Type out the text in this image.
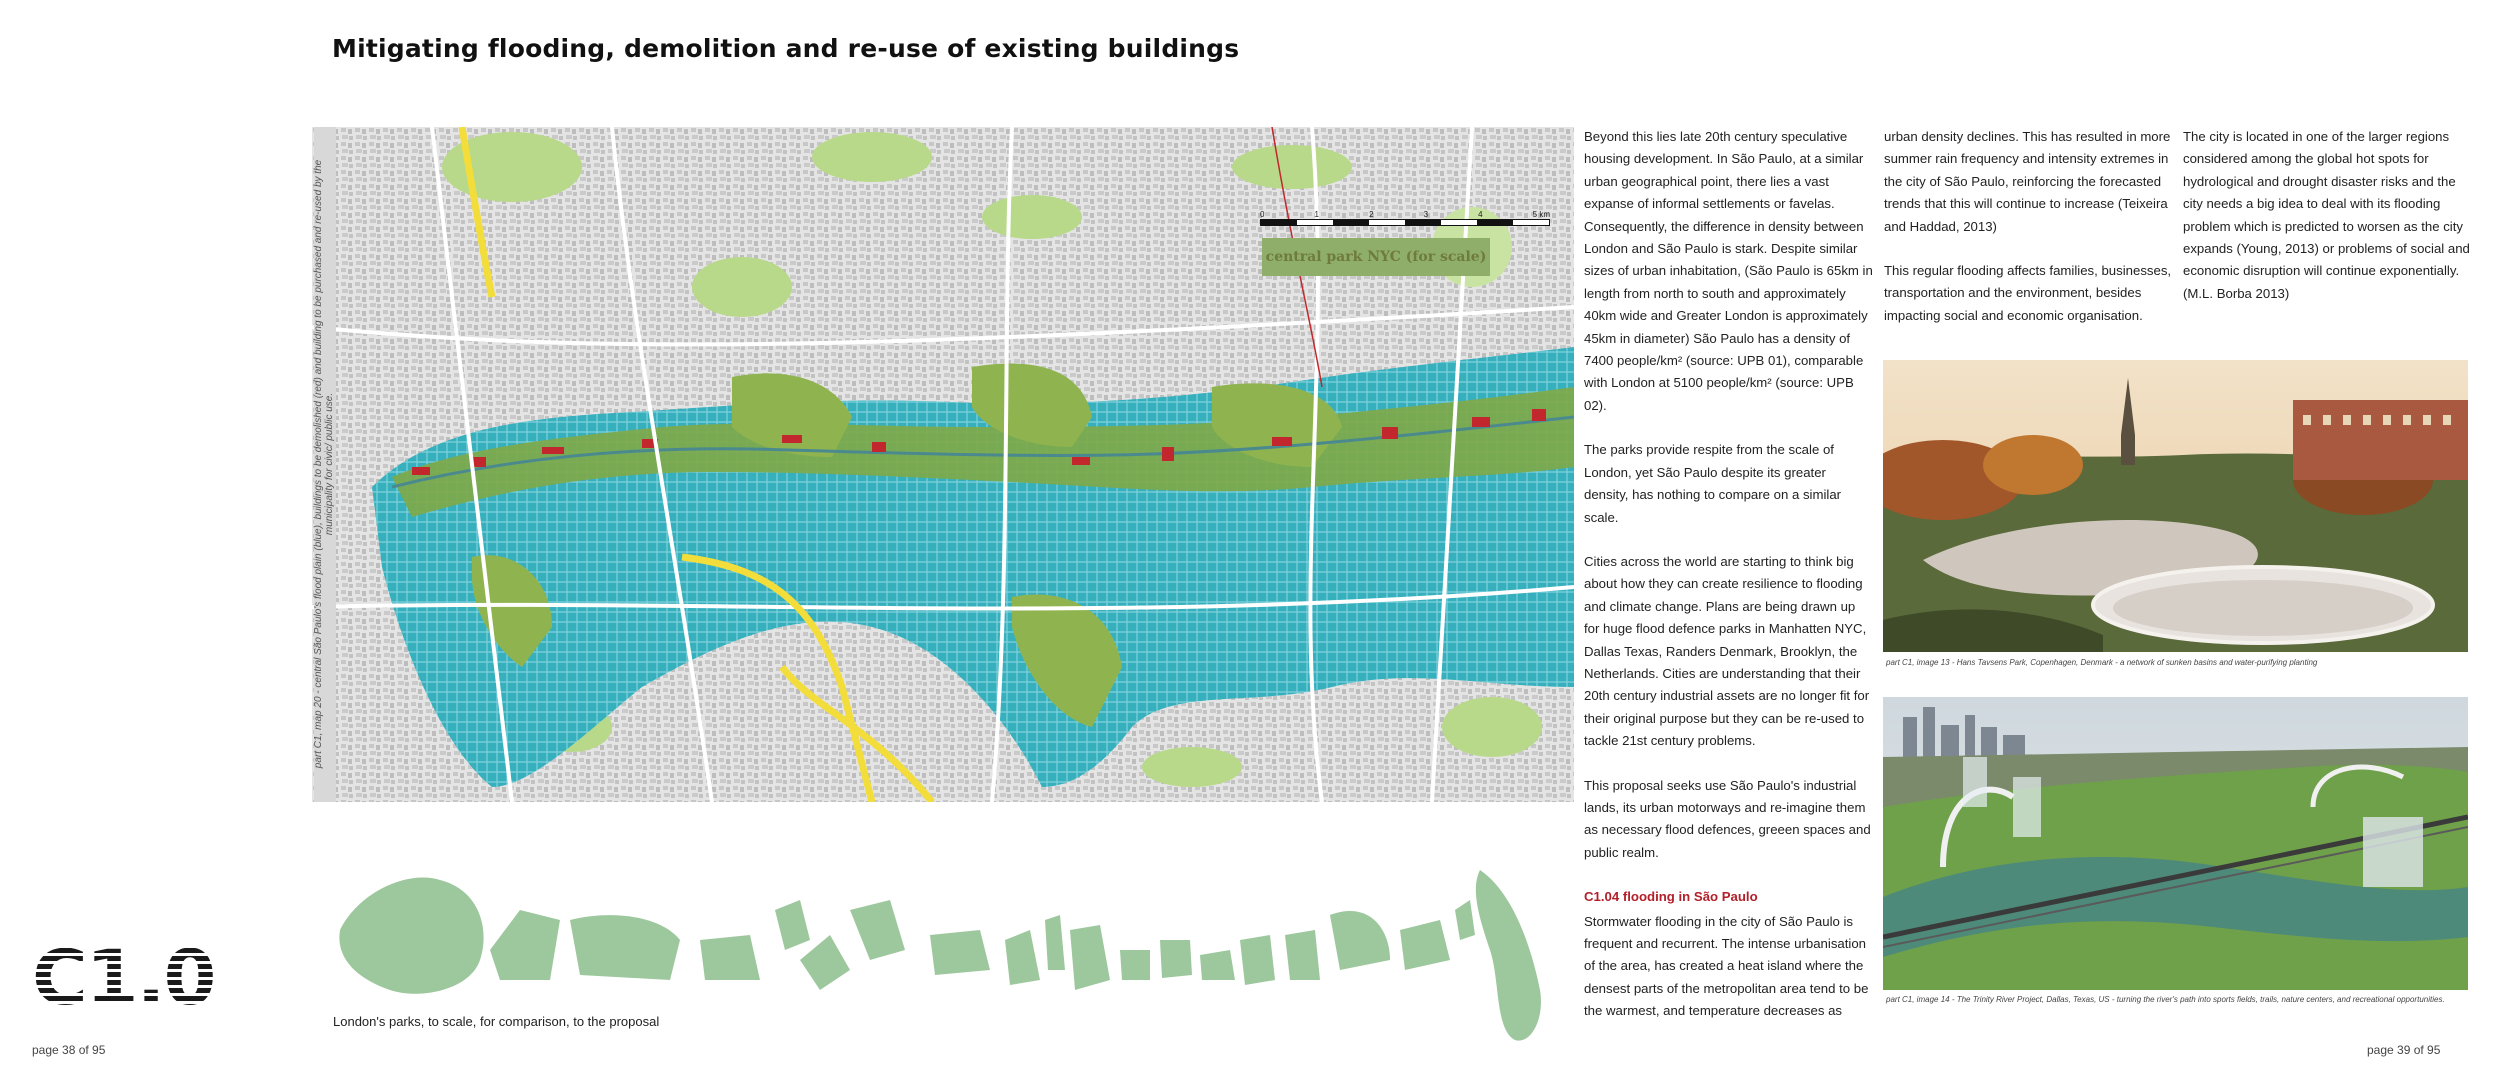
Mitigating flooding, demolition and re-use of existing buildings
part C1, map 20 - central São Paulo's flood plain (blue), buildings to be demolished (red) and building to be purchased and re-used by the municipality for civic/ public use.
0	1	2	3	4	5 km
central park NYC (for scale)
London's parks, to scale, for comparison, to the proposal

Beyond this lies late 20th century speculative housing development. In São Paulo, at a similar urban geographical point, there lies a vast expanse of informal settlements or favelas. Consequently, the difference in density between London and São Paulo is stark. Despite similar sizes of urban inhabitation, (São Paulo is 65km in length from north to south and approximately 40km wide and Greater London is approximately 45km in diameter) São Paulo has a density of 7400 people/km² (source: UPB 01), comparable with London at 5100 people/km² (source: UPB 02).

The parks provide respite from the scale of London, yet São Paulo despite its greater density, has nothing to compare on a similar scale.

Cities across the world are starting to think big about how they can create resilience to flooding and climate change. Plans are being drawn up for huge flood defence parks in Manhatten NYC, Dallas Texas, Randers Denmark, Brooklyn, the Netherlands. Cities are understanding that their 20th century industrial assets are no longer fit for their original purpose but they can be re-used to tackle 21st century problems.

This proposal seeks use São Paulo's industrial lands, its urban motorways and re-imagine them as necessary flood defences, greeen spaces and public realm.

C1.04 flooding in São Paulo

Stormwater flooding in the city of São Paulo is frequent and recurrent. The intense urbanisation of the area, has created a heat island where the densest parts of the metropolitan area tend to be the warmest, and temperature decreases as

urban density declines. This has resulted in more summer rain frequency and intensity extremes in the city of São Paulo, reinforcing the forecasted trends that this will continue to increase (Teixeira and Haddad, 2013)

This regular flooding affects families, businesses, transportation and the environment, besides impacting social and economic organisation.

The city is located in one of the larger regions considered among the global hot spots for hydrological and drought disaster risks and the city needs a big idea to deal with its flooding problem which is predicted to worsen as the city expands (Young, 2013) or problems of social and economic disruption will continue exponentially. (M.L. Borba 2013)

part C1, image 13 - Hans Tavsens Park, Copenhagen, Denmark - a network of sunken basins and water-purifying planting
part C1, image 14 - The Trinity River Project, Dallas, Texas, US - turning the river's path into sports fields, trails, nature centers, and recreational opportunities.
C1.0
page 38 of 95	page 39 of 95
